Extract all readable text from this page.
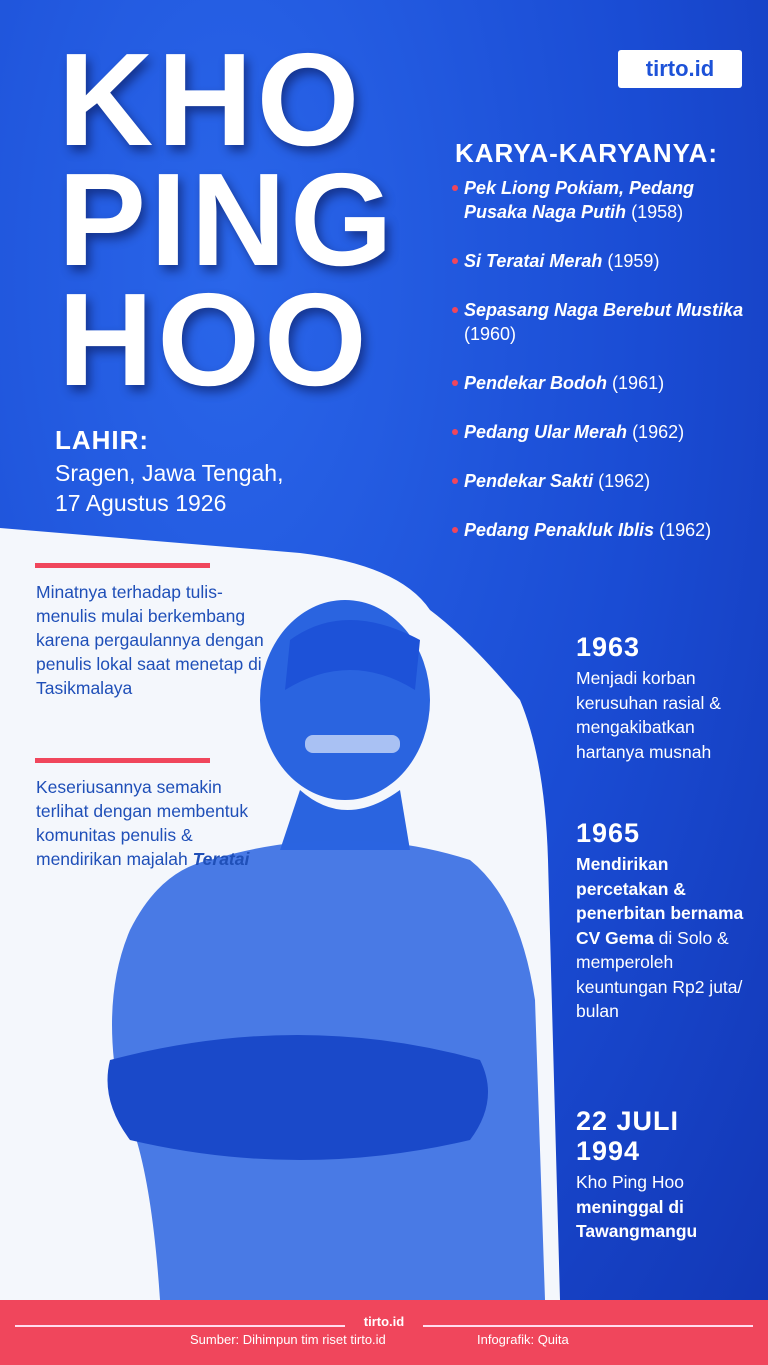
KHO
PING
HOO
tirto.id
LAHIR:
Sragen, Jawa Tengah,
17 Agustus 1926
KARYA-KARYANYA:
Pek Liong Pokiam, Pedang Pusaka Naga Putih (1958)
Si Teratai Merah (1959)
Sepasang Naga Berebut Mustika (1960)
Pendekar Bodoh (1961)
Pedang Ular Merah (1962)
Pendekar Sakti (1962)
Pedang Penakluk Iblis (1962)
Minatnya terhadap tulis-menulis mulai berkembang karena pergaulannya dengan penulis lokal saat menetap di Tasikmalaya
Keseriusannya semakin terlihat dengan membentuk komunitas penulis & mendirikan majalah Teratai
1963
Menjadi korban kerusuhan rasial & mengakibatkan hartanya musnah
1965
Mendirikan percetakan & penerbitan bernama CV Gema di Solo & memperoleh keuntungan Rp2 juta/ bulan
22 JULI 1994
Kho Ping Hoo meninggal di Tawangmangu
tirto.id
Sumber: Dihimpun tim riset tirto.id	Infografik: Quita
